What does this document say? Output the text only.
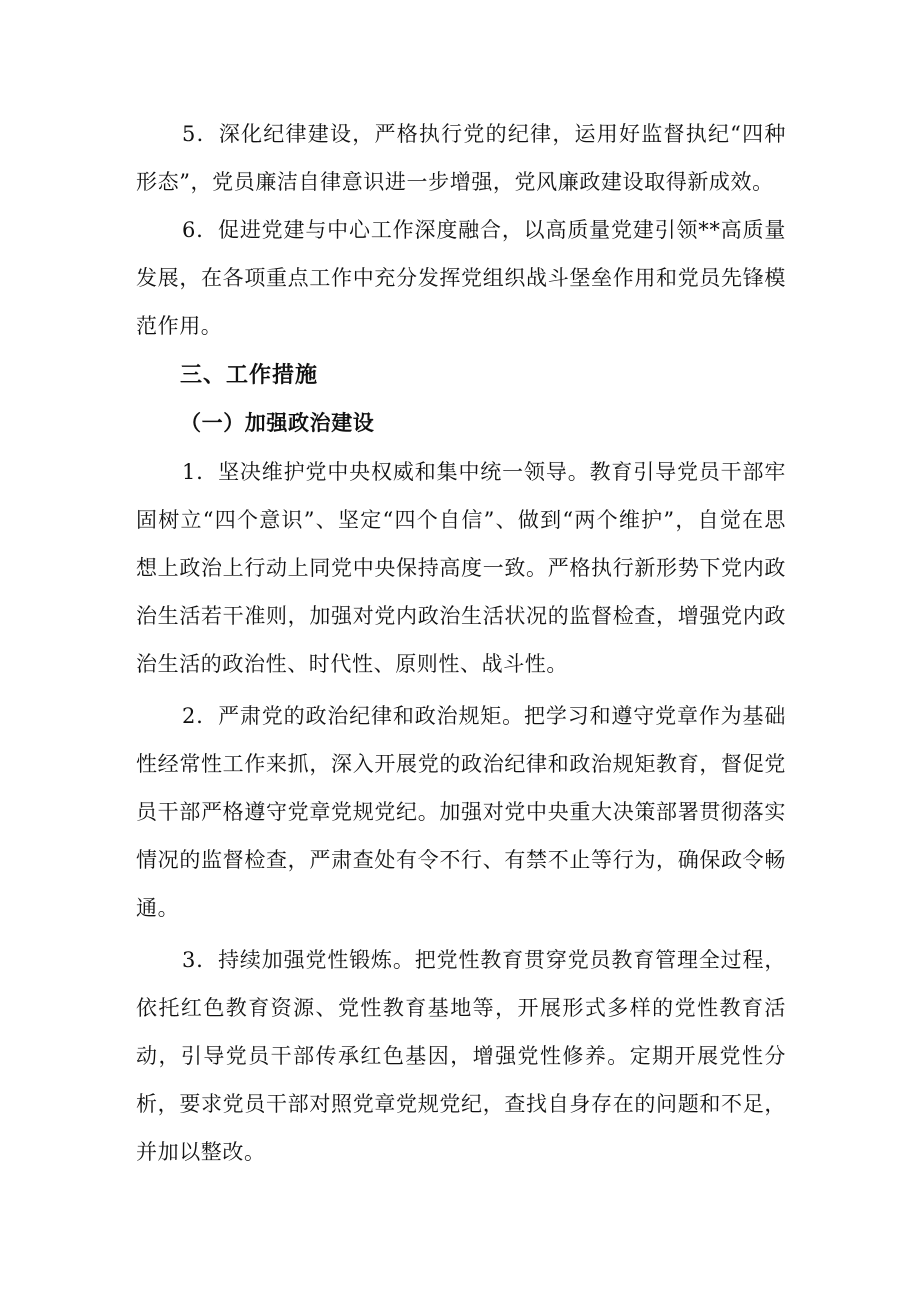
5．深化纪律建设，严格执行党的纪律，运用好监督执纪“四种形态”，党员廉洁自律意识进一步增强，党风廉政建设取得新成效。

6．促进党建与中心工作深度融合，以高质量党建引领**高质量发展，在各项重点工作中充分发挥党组织战斗堡垒作用和党员先锋模范作用。

三、工作措施
（一）加强政治建设

1．坚决维护党中央权威和集中统一领导。教育引导党员干部牢固树立“四个意识”、坚定“四个自信”、做到“两个维护”，自觉在思想上政治上行动上同党中央保持高度一致。严格执行新形势下党内政治生活若干准则，加强对党内政治生活状况的监督检查，增强党内政治生活的政治性、时代性、原则性、战斗性。

2．严肃党的政治纪律和政治规矩。把学习和遵守党章作为基础性经常性工作来抓，深入开展党的政治纪律和政治规矩教育，督促党员干部严格遵守党章党规党纪。加强对党中央重大决策部署贯彻落实情况的监督检查，严肃查处有令不行、有禁不止等行为，确保政令畅通。

3．持续加强党性锻炼。把党性教育贯穿党员教育管理全过程，依托红色教育资源、党性教育基地等，开展形式多样的党性教育活动，引导党员干部传承红色基因，增强党性修养。定期开展党性分析，要求党员干部对照党章党规党纪，查找自身存在的问题和不足，并加以整改。
